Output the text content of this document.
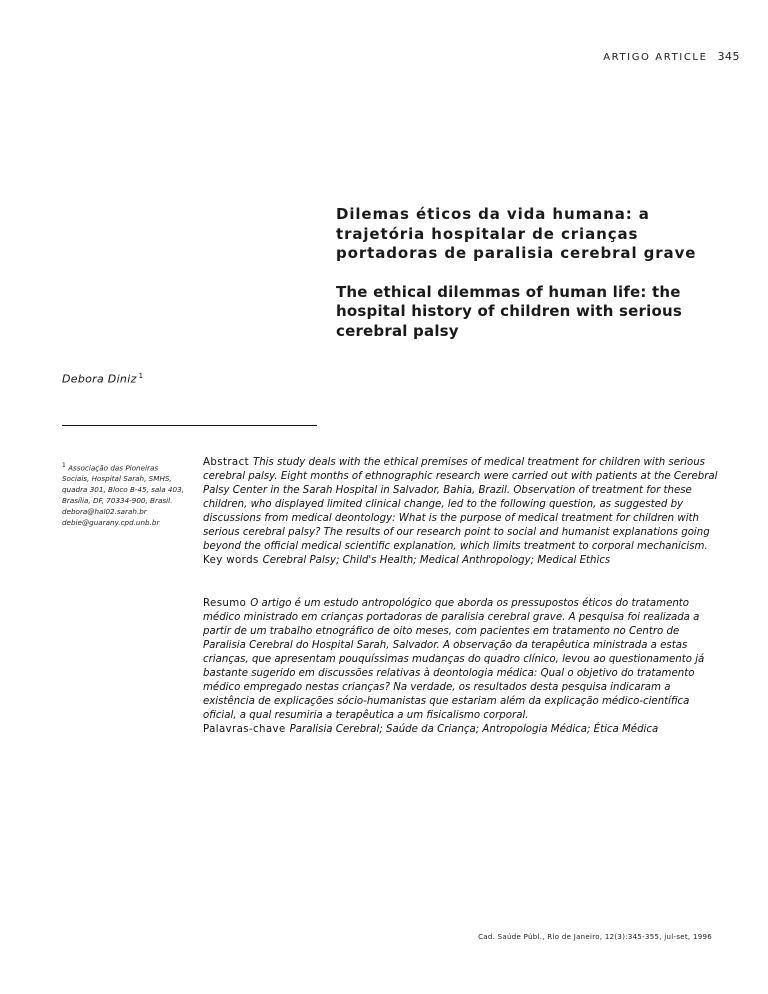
ARTIGO ARTICLE 345
Dilemas éticos da vida humana: a trajetória hospitalar de crianças portadoras de paralisia cerebral grave
The ethical dilemmas of human life: the hospital history of children with serious cerebral palsy
Debora Diniz $^1$
$^1$ Associação das Pioneiras Sociais, Hospital Sarah, SMHS, quadra 301, Bloco B-45, sala 403, Brasília, DF, 70334-900, Brasil. debora@hal02.sarah.br debie@guarany.cpd.unb.br

Abstract This study deals with the ethical premises of medical treatment for children with serious cerebral palsy. Eight months of ethnographic research were carried out with patients at the Cerebral Palsy Center in the Sarah Hospital in Salvador, Bahia, Brazil. Observation of treatment for these children, who displayed limited clinical change, led to the following question, as suggested by discussions from medical deontology: What is the purpose of medical treatment for children with serious cerebral palsy? The results of our research point to social and humanist explanations going beyond the official medical scientific explanation, which limits treatment to corporal mechanicism.
Key words Cerebral Palsy; Child's Health; Medical Anthropology; Medical Ethics

Resumo O artigo é um estudo antropológico que aborda os pressupostos éticos do tratamento médico ministrado em crianças portadoras de paralisia cerebral grave. A pesquisa foi realizada a partir de um trabalho etnográfico de oito meses, com pacientes em tratamento no Centro de Paralisia Cerebral do Hospital Sarah, Salvador. A observação da terapêutica ministrada a estas crianças, que apresentam pouquíssimas mudanças do quadro clínico, levou ao questionamento já bastante sugerido em discussões relativas à deontologia médica: Qual o objetivo do tratamento médico empregado nestas crianças? Na verdade, os resultados desta pesquisa indicaram a existência de explicações sócio-humanistas que estariam além da explicação médico-científica oficial, a qual resumiria a terapêutica a um fisicalismo corporal.
Palavras-chave Paralisia Cerebral; Saúde da Criança; Antropologia Médica; Ética Médica

Cad. Saúde Públ., Rio de Janeiro, 12(3):345-355, jul-set, 1996
